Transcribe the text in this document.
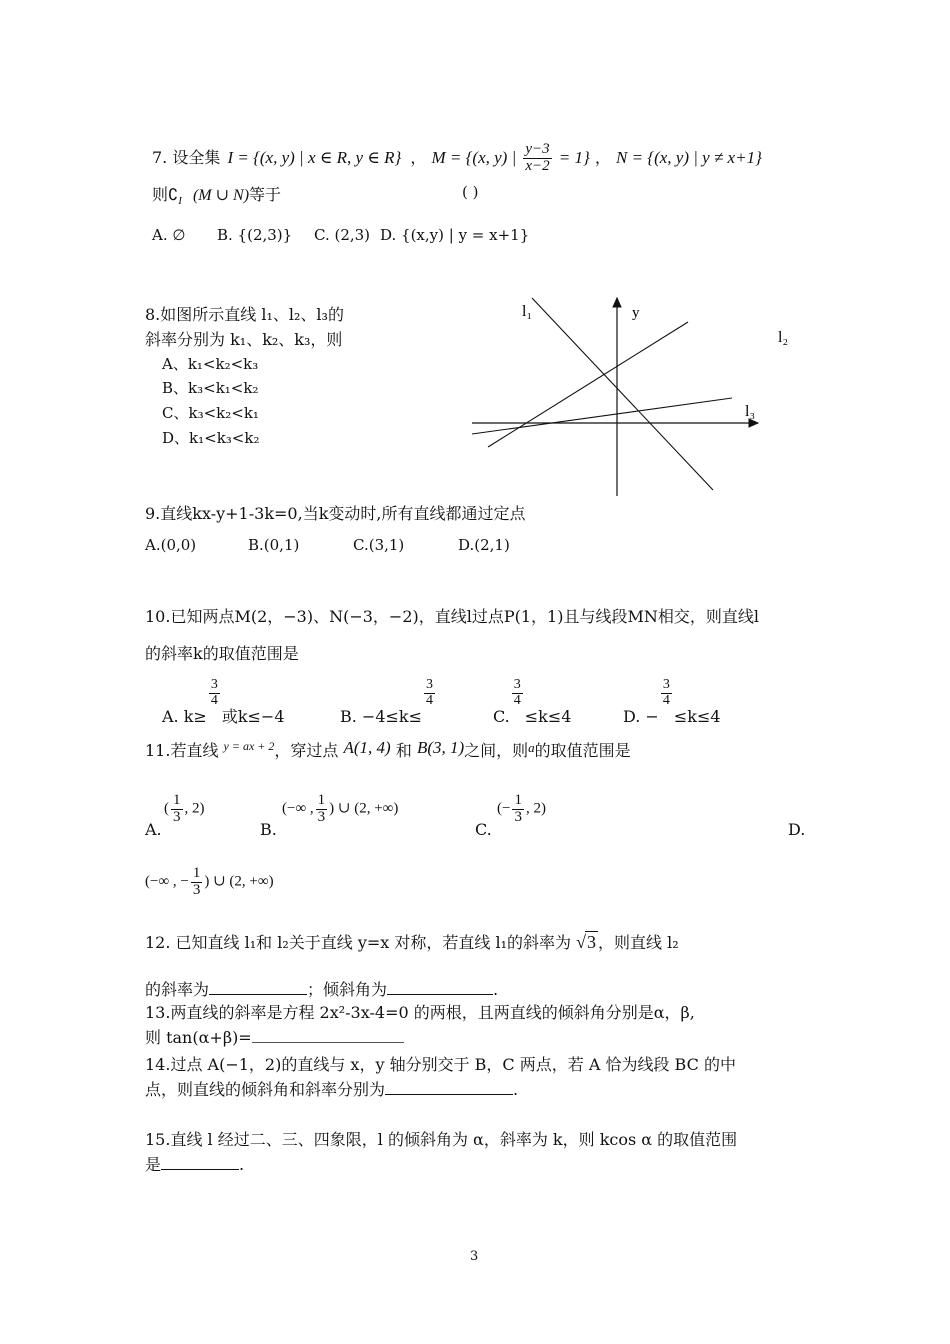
7. 设全集 I = {(x, y) | x ∈ R, y ∈ R} ， M = {(x, y) | $\frac{y-3}{x-2} = 1$} ， N = {(x, y) | y ≠ x+1}
则$∁_I$ (M ∪ N)等于	( )
A. ∅ B. {(2,3)} C. (2,3) D. {(x,y) | y = x+1}
8.如图所示直线 l₁、l₂、l₃的
斜率分别为 k₁、k₂、k₃，则
A、k₁<k₂<k₃
B、k₃<k₁<k₂
C、k₃<k₂<k₁
D、k₁<k₃<k₂
l₁	y
l₂
l₃
9.直线kx-y+1-3k=0,当k变动时,所有直线都通过定点
A.(0,0)	B.(0,1)	C.(3,1)	D.(2,1)
10.已知两点M(2，−3)、N(−3，−2)，直线l过点P(1，1)且与线段MN相交，则直线l
的斜率k的取值范围是
A. k≥
$\frac{3}{4}$
或k≤−4	B. −4≤k≤
$\frac{3}{4}$
C.
$\frac{3}{4}$
≤k≤4	D. −
$\frac{3}{4}$
≤k≤4
11.若直线 $^{y = ax + 2}$，穿过点 A(1, 4) 和 B(3, 1)之间，则$^a$的取值范围是
A.
( $\frac{1}{3}$ , 2)
B.
(−∞ , $\frac{1}{3}$ ) ∪ (2, +∞)
C.
(− $\frac{1}{3}$ , 2)
D.
(−∞ , − $\frac{1}{3}$ ) ∪ (2, +∞)
12. 已知直线 l₁和 l₂关于直线 y=x 对称，若直线 l₁的斜率为 √3 ，则直线 l₂
的斜率为	；倾斜角为	.
13.两直线的斜率是方程 2x²-3x-4=0 的两根，且两直线的倾斜角分别是α，β,
则 tan(α+β)=
14.过点 A(−1，2)的直线与 x，y 轴分别交于 B，C 两点，若 A 恰为线段 BC 的中
点，则直线的倾斜角和斜率分别为	.
15.直线 l 经过二、三、四象限，l 的倾斜角为 α，斜率为 k，则 kcos α 的取值范围
是	.
3
